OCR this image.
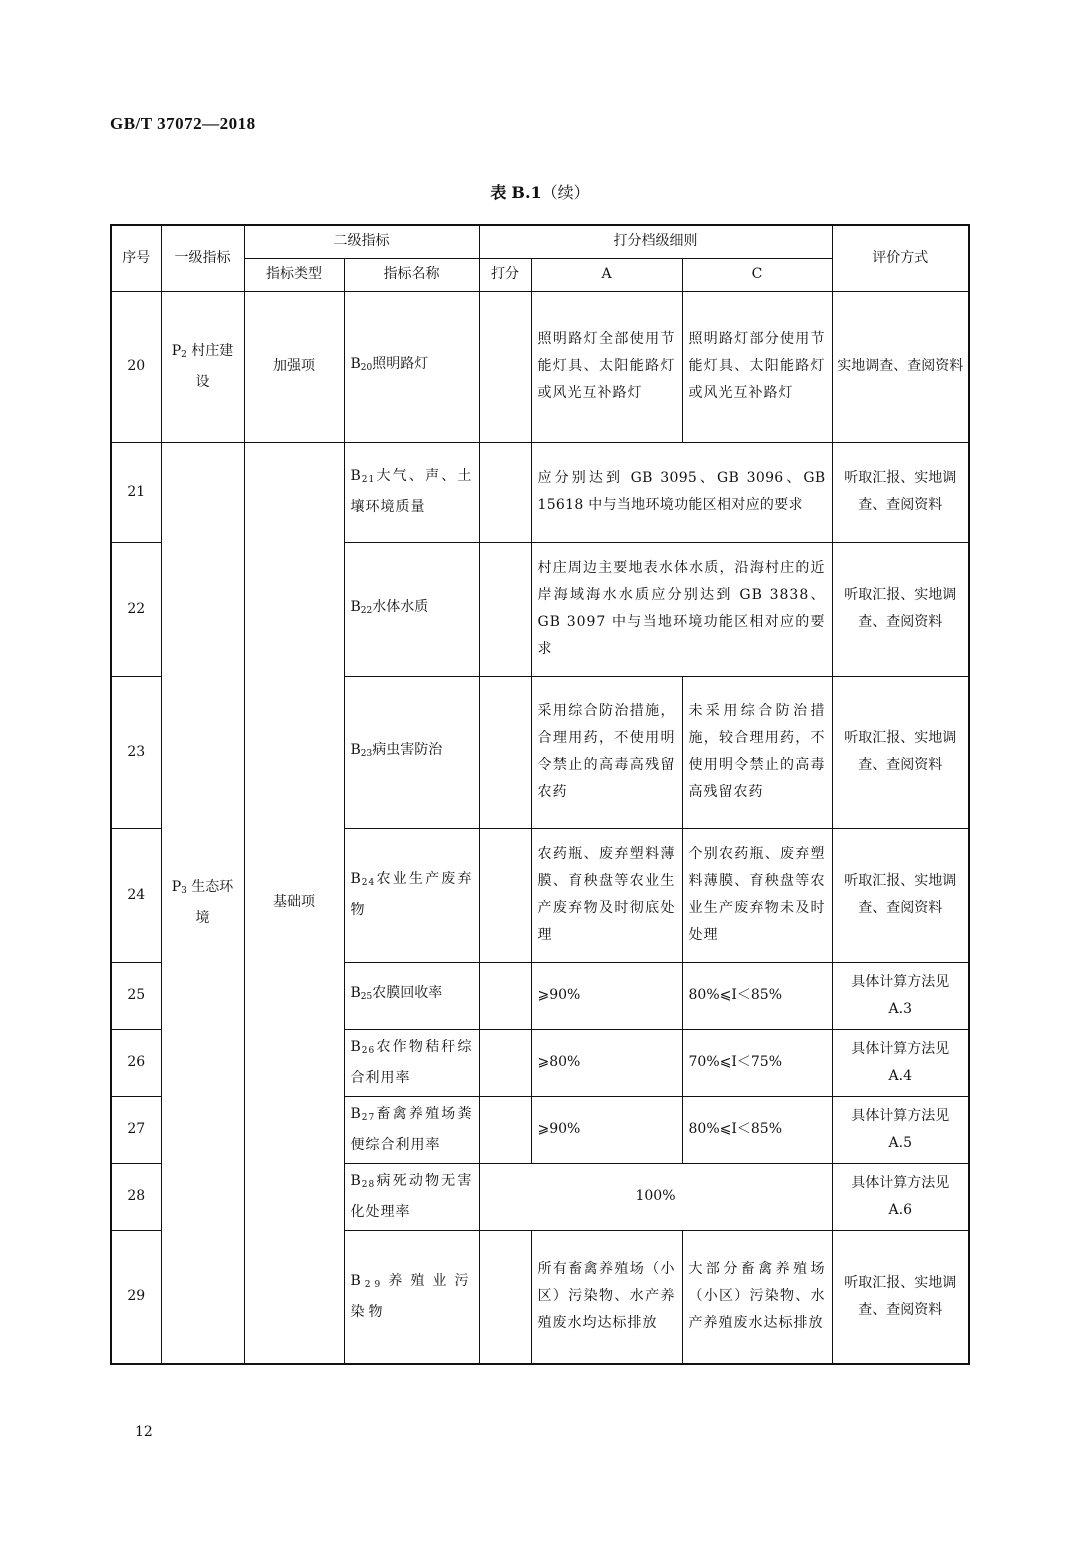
GB/T 37072—2018
表 B.1（续）
序号	一级指标	二级指标		打分档级细则			评价方式
		指标类型	指标名称	打分	A	C	
20	$P_2$ 村庄建设	加强项	$B_{20}$照明路灯		照明路灯全部使用节能灯具、太阳能路灯或风光互补路灯	照明路灯部分使用节能灯具、太阳能路灯或风光互补路灯	实地调查、查阅资料
21	$P_3$ 生态环境	基础项	$B_{21}$大气、声、土壤环境质量		应分别达到 GB 3095、GB 3096、GB 15618 中与当地环境功能区相对应的要求		听取汇报、实地调查、查阅资料
22			$B_{22}$水体水质		村庄周边主要地表水体水质，沿海村庄的近岸海域海水水质应分别达到 GB 3838、GB 3097 中与当地环境功能区相对应的要求		听取汇报、实地调查、查阅资料
23			$B_{23}$病虫害防治		采用综合防治措施，合理用药，不使用明令禁止的高毒高残留农药	未采用综合防治措施，较合理用药，不使用明令禁止的高毒高残留农药	听取汇报、实地调查、查阅资料
24			$B_{24}$农业生产废弃物		农药瓶、废弃塑料薄膜、育秧盘等农业生产废弃物及时彻底处理	个别农药瓶、废弃塑料薄膜、育秧盘等农业生产废弃物未及时处理	听取汇报、实地调查、查阅资料
25			$B_{25}$农膜回收率		⩾90%	80%⩽I＜85%	具体计算方法见 A.3
26			$B_{26}$农作物秸秆综合利用率		⩾80%	70%⩽I＜75%	具体计算方法见 A.4
27			$B_{27}$畜禽养殖场粪便综合利用率		⩾90%	80%⩽I＜85%	具体计算方法见 A.5
28			$B_{28}$病死动物无害化处理率	100%			具体计算方法见 A.6
29			$B_{29}$养殖业污染物		所有畜禽养殖场（小区）污染物、水产养殖废水均达标排放	大部分畜禽养殖场（小区）污染物、水产养殖废水达标排放	听取汇报、实地调查、查阅资料
12
